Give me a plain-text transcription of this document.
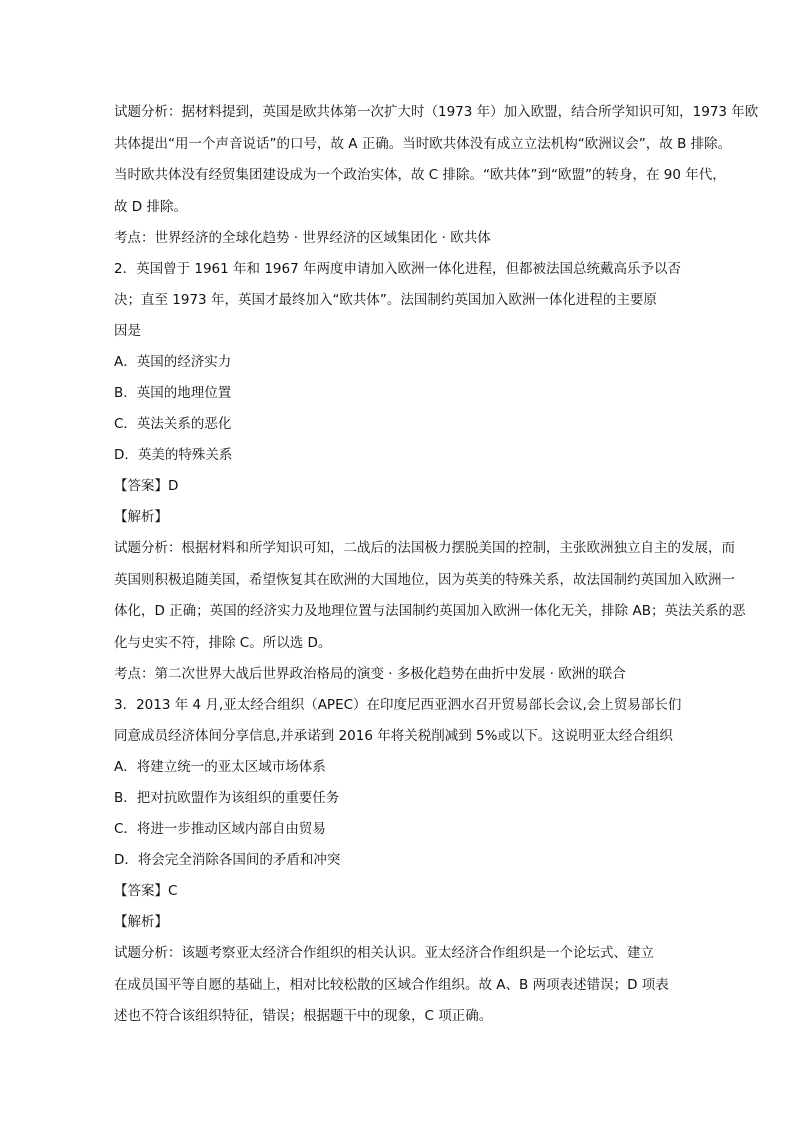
试题分析：据材料提到，英国是欧共体第一次扩大时（1973 年）加入欧盟，结合所学知识可知，1973 年欧
共体提出“用一个声音说话”的口号，故 A 正确。当时欧共体没有成立立法机构“欧洲议会”，故 B 排除。
当时欧共体没有经贸集团建设成为一个政治实体，故 C 排除。“欧共体”到“欧盟”的转身，在 90 年代，
故 D 排除。
考点：世界经济的全球化趋势 · 世界经济的区域集团化 · 欧共体
2．英国曾于 1961 年和 1967 年两度申请加入欧洲一体化进程，但都被法国总统戴高乐予以否
决；直至 1973 年，英国才最终加入“欧共体”。法国制约英国加入欧洲一体化进程的主要原
因是
A．英国的经济实力
B．英国的地理位置
C．英法关系的恶化
D．英美的特殊关系
【答案】D
【解析】
试题分析：根据材料和所学知识可知，二战后的法国极力摆脱美国的控制，主张欧洲独立自主的发展，而
英国则积极追随美国，希望恢复其在欧洲的大国地位，因为英美的特殊关系，故法国制约英国加入欧洲一
体化，D 正确；英国的经济实力及地理位置与法国制约英国加入欧洲一体化无关，排除 AB；英法关系的恶
化与史实不符，排除 C。所以选 D。
考点：第二次世界大战后世界政治格局的演变 · 多极化趋势在曲折中发展 · 欧洲的联合
3．2013 年 4 月,亚太经合组织（APEC）在印度尼西亚泗水召开贸易部长会议,会上贸易部长们
同意成员经济体间分享信息,并承诺到 2016 年将关税削减到 5%或以下。这说明亚太经合组织
A．将建立统一的亚太区域市场体系
B．把对抗欧盟作为该组织的重要任务
C．将进一步推动区域内部自由贸易
D．将会完全消除各国间的矛盾和冲突
【答案】C
【解析】
试题分析：该题考察亚太经济合作组织的相关认识。亚太经济合作组织是一个论坛式、建立
在成员国平等自愿的基础上，相对比较松散的区域合作组织。故 A、B 两项表述错误；D 项表
述也不符合该组织特征，错误；根据题干中的现象，C 项正确。
